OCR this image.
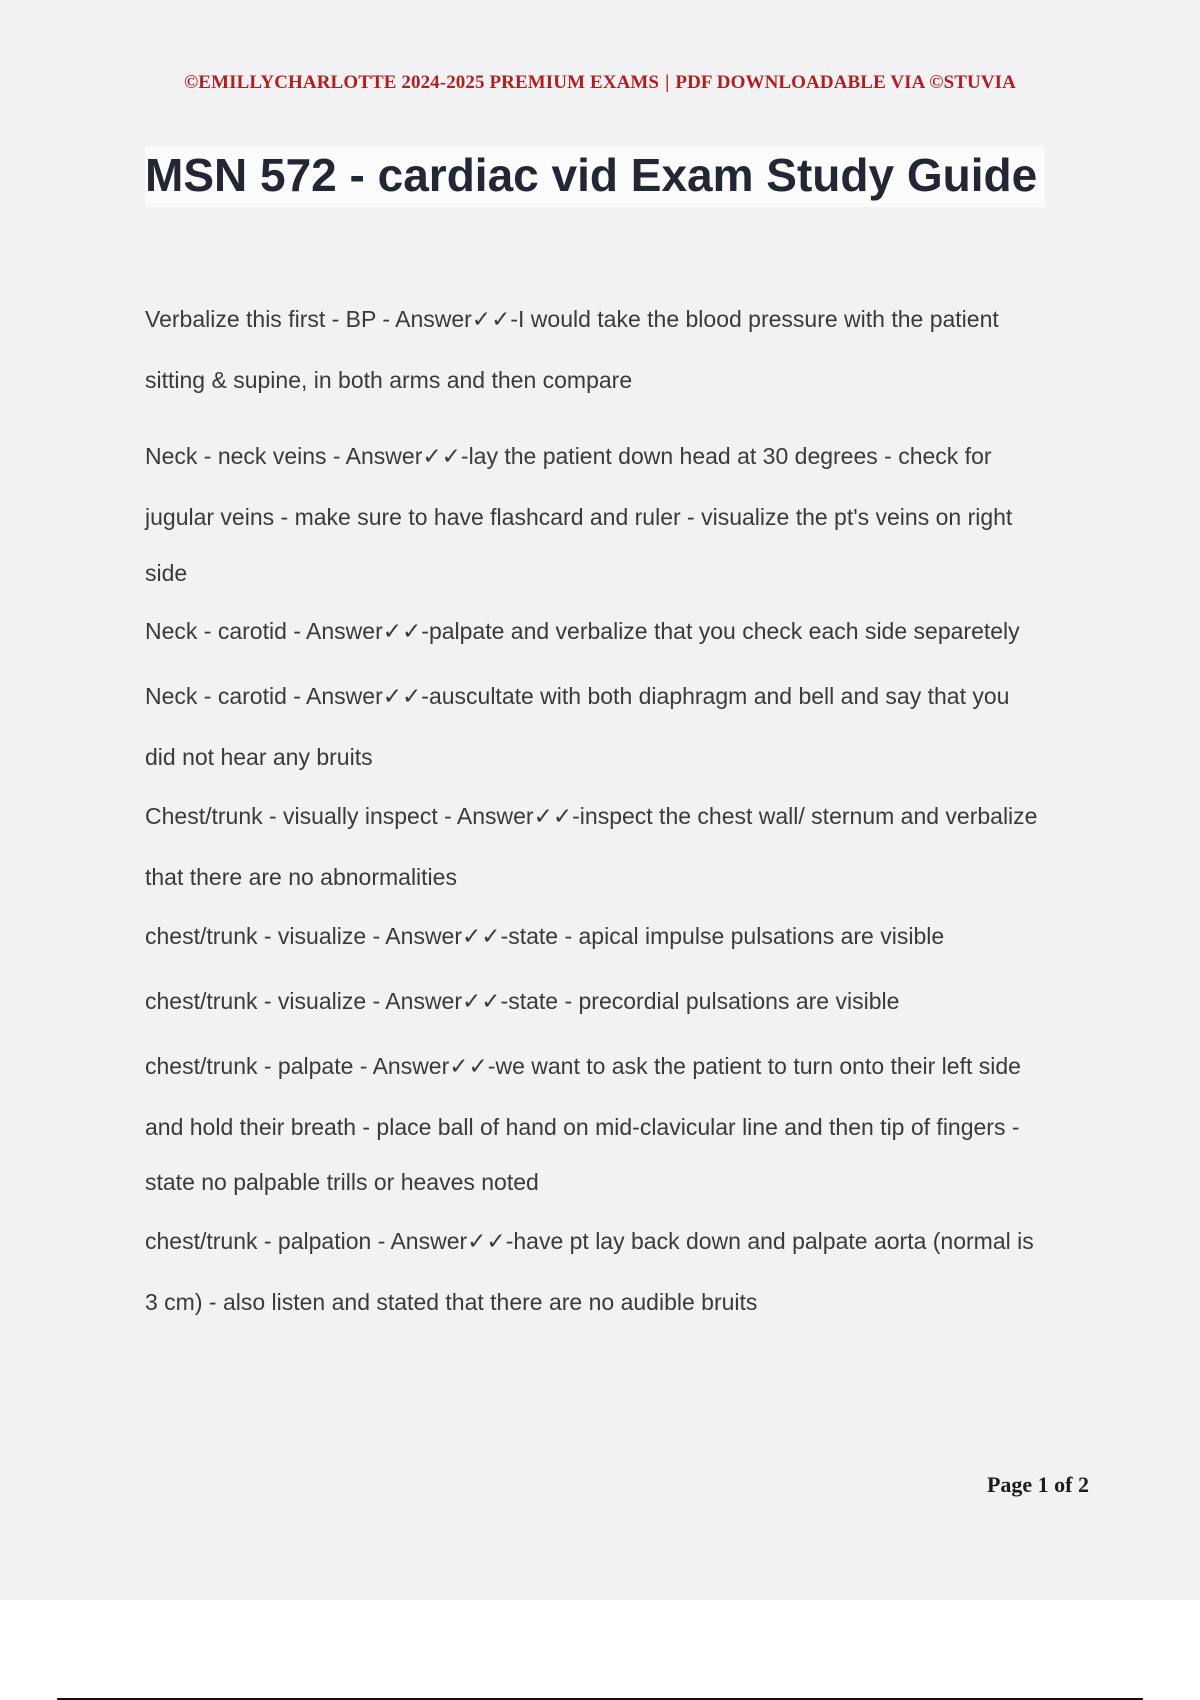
©EMILLYCHARLOTTE 2024-2025 PREMIUM EXAMS | PDF DOWNLOADABLE VIA ©STUVIA
MSN 572 - cardiac vid Exam Study Guide
Verbalize this first - BP - Answer✓✓-I would take the blood pressure with the patient
sitting & supine, in both arms and then compare
Neck - neck veins - Answer✓✓-lay the patient down head at 30 degrees - check for
jugular veins - make sure to have flashcard and ruler - visualize the pt's veins on right
side
Neck - carotid - Answer✓✓-palpate and verbalize that you check each side separetely
Neck - carotid - Answer✓✓-auscultate with both diaphragm and bell and say that you
did not hear any bruits
Chest/trunk - visually inspect - Answer✓✓-inspect the chest wall/ sternum and verbalize
that there are no abnormalities
chest/trunk - visualize - Answer✓✓-state - apical impulse pulsations are visible
chest/trunk - visualize - Answer✓✓-state - precordial pulsations are visible
chest/trunk - palpate - Answer✓✓-we want to ask the patient to turn onto their left side
and hold their breath - place ball of hand on mid-clavicular line and then tip of fingers -
state no palpable trills or heaves noted
chest/trunk - palpation - Answer✓✓-have pt lay back down and palpate aorta (normal is
3 cm) - also listen and stated that there are no audible bruits
Page 1 of 2
